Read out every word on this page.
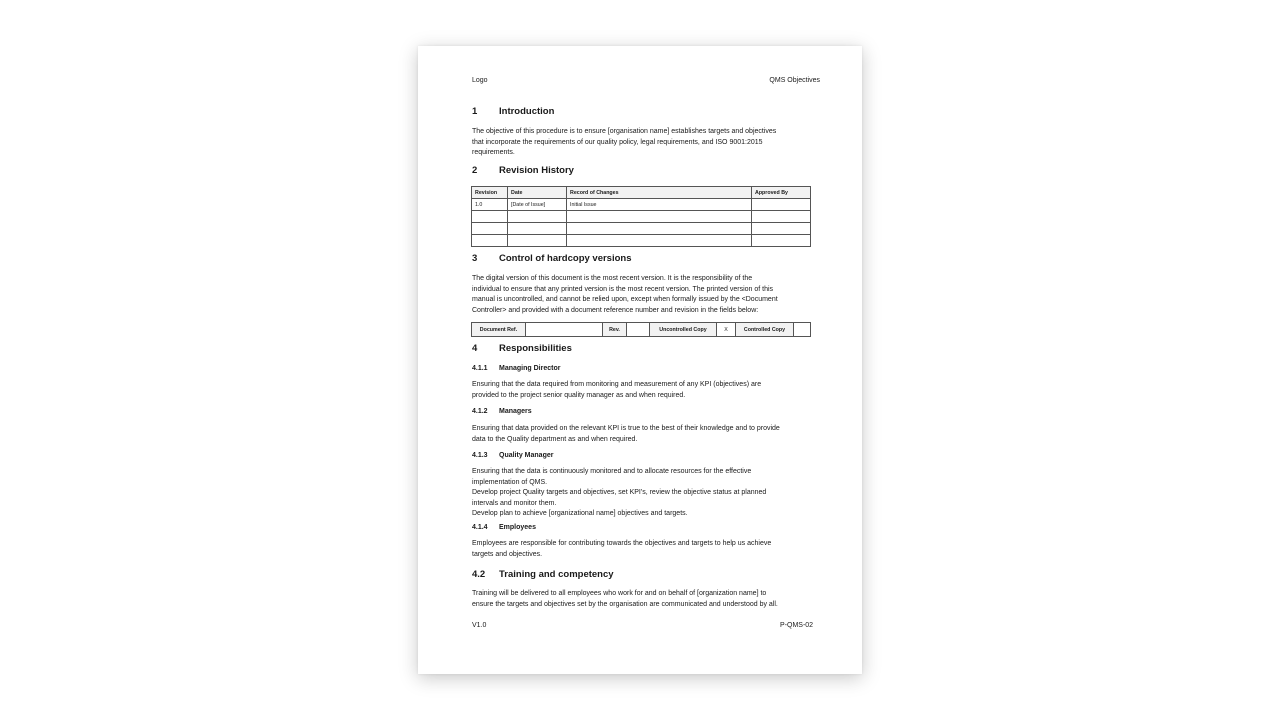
Logo	QMS Objectives
1 Introduction
The objective of this procedure is to ensure [organisation name] establishes targets and objectives
that incorporate the requirements of our quality policy, legal requirements, and ISO 9001:2015
requirements.
2 Revision History
Revision	Date	Record of Changes	Approved By
1.0	[Date of Issue]	Initial Issue	

3 Control of hardcopy versions
The digital version of this document is the most recent version. It is the responsibility of the
individual to ensure that any printed version is the most recent version. The printed version of this
manual is uncontrolled, and cannot be relied upon, except when formally issued by the <Document
Controller> and provided with a document reference number and revision in the fields below:
Document Ref.		Rev.		Uncontrolled Copy	X	Controlled Copy	
4 Responsibilities
4.1.1 Managing Director
Ensuring that the data required from monitoring and measurement of any KPI (objectives) are
provided to the project senior quality manager as and when required.
4.1.2 Managers
Ensuring that data provided on the relevant KPI is true to the best of their knowledge and to provide
data to the Quality department as and when required.
4.1.3 Quality Manager
Ensuring that the data is continuously monitored and to allocate resources for the effective
implementation of QMS.
Develop project Quality targets and objectives, set KPI's, review the objective status at planned
intervals and monitor them.
Develop plan to achieve [organizational name] objectives and targets.
4.1.4 Employees
Employees are responsible for contributing towards the objectives and targets to help us achieve
targets and objectives.
4.2 Training and competency
Training will be delivered to all employees who work for and on behalf of [organization name] to
ensure the targets and objectives set by the organisation are communicated and understood by all.
V1.0	P-QMS-02
